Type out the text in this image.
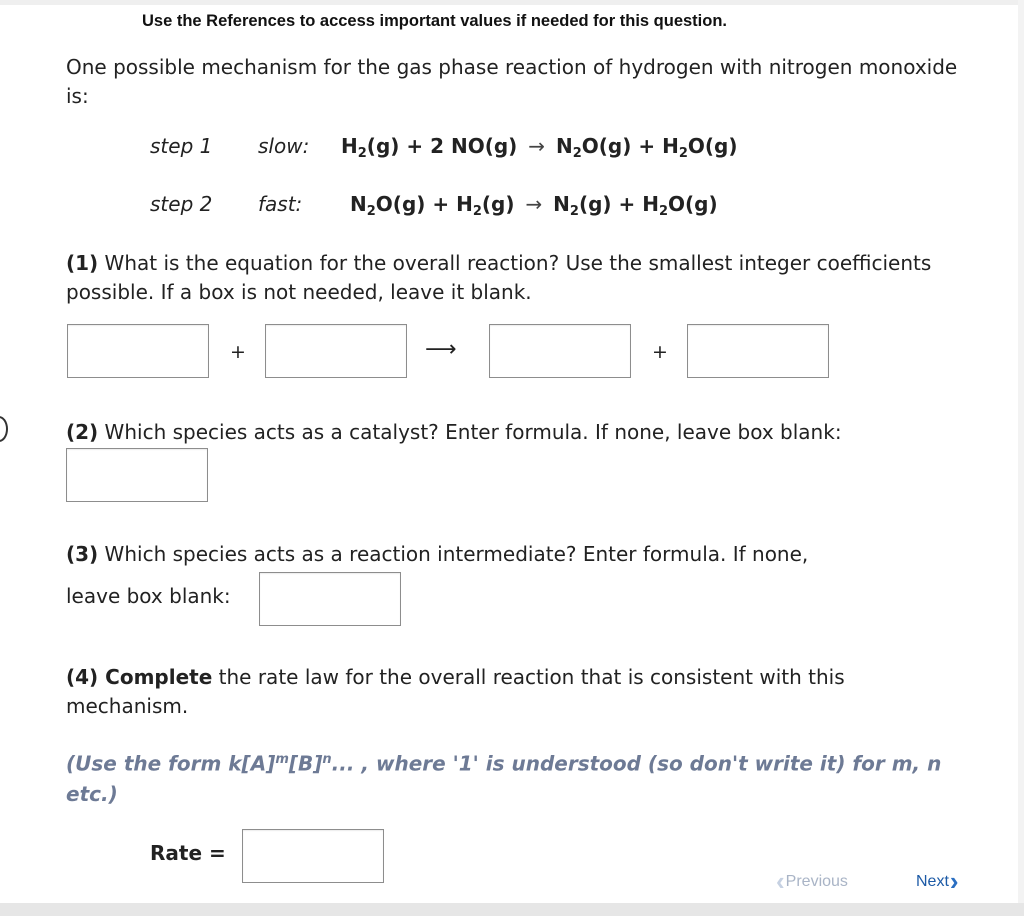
Use the References to access important values if needed for this question.
One possible mechanism for the gas phase reaction of hydrogen with nitrogen monoxide is:
step 1 slow: $H_2(g) + 2$ $NO(g) \to N_2O(g) + H_2O(g)$
step 2 fast: $N_2O(g) + H_2(g) \to N_2(g) + H_2O(g)$
(1) What is the equation for the overall reaction? Use the smallest integer coefficients possible. If a box is not needed, leave it blank.
+	⟶	+
(2) Which species acts as a catalyst? Enter formula. If none, leave box blank:
(3) Which species acts as a reaction intermediate? Enter formula. If none,
leave box blank:
(4) Complete the rate law for the overall reaction that is consistent with this mechanism.
(Use the form $k[A]^m[B]^n$... , where '1' is understood (so don't write it) for m, n etc.)
Rate =
‹Previous	Next›
